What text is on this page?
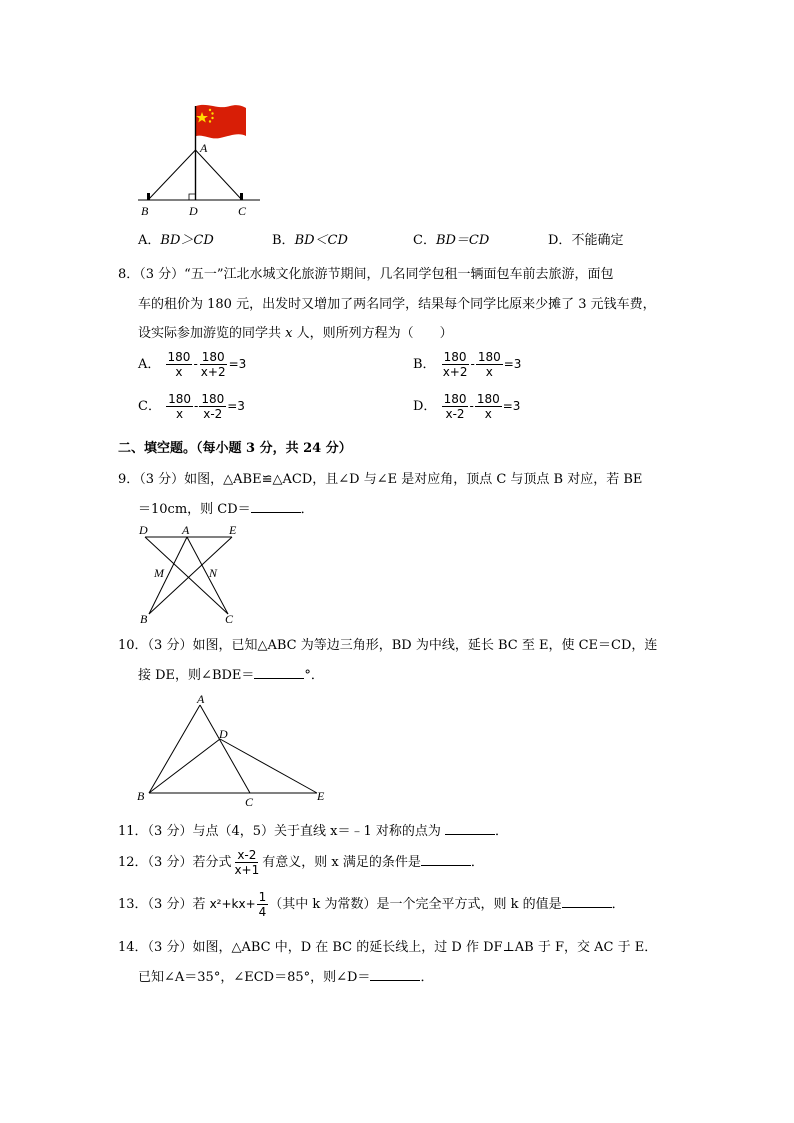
A
B	D	C
A．BD＞CD	B．BD＜CD	C．BD＝CD	D．不能确定
8．（3 分）“五一”江北水城文化旅游节期间，几名同学包租一辆面包车前去旅游，面包
车的租价为 180 元，出发时又增加了两名同学，结果每个同学比原来少摊了 3 元钱车费，
设实际参加游览的同学共 x 人，则所列方程为（　　）
A． $\frac{180}{x} - \frac{180}{x+2} =3$	B． $\frac{180}{x+2} - \frac{180}{x} =3$
C． $\frac{180}{x} - \frac{180}{x-2} =3$	D． $\frac{180}{x-2} - \frac{180}{x} =3$
二、填空题。（每小题 3 分，共 24 分）
9．（3 分）如图，△ABE≌△ACD，且∠D 与∠E 是对应角，顶点 C 与顶点 B 对应，若 BE
＝10cm，则 CD＝	．
D	A	E
M	N
B	C
10．（3 分）如图，已知△ABC 为等边三角形，BD 为中线，延长 BC 至 E，使 CE＝CD，连
接 DE，则∠BDE＝	°．
A
D
B	C	E
11．（3 分）与点（4，5）关于直线 x＝﹣1 对称的点为	．
12．（3 分）若分式 $\frac{x-2}{x+1}$ 有意义，则 x 满足的条件是	．
13．（3 分）若 $x^2+kx+ \frac{1}{4}$ （其中 k 为常数）是一个完全平方式，则 k 的值是	．
14．（3 分）如图，△ABC 中，D 在 BC 的延长线上，过 D 作 DF⊥AB 于 F，交 AC 于 E．
已知∠A＝35°，∠ECD＝85°，则∠D＝	．
